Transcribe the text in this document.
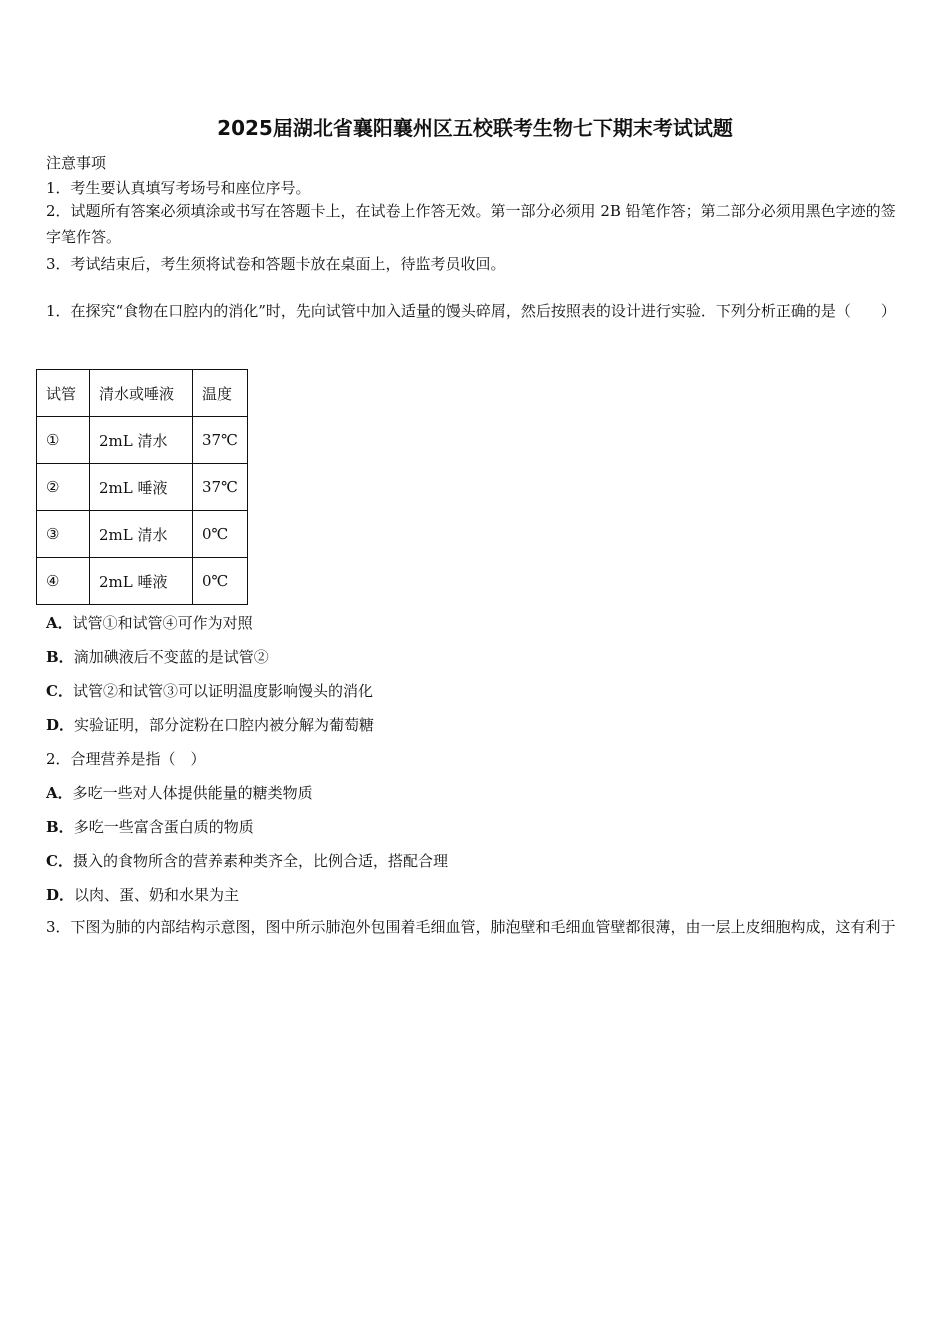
2025届湖北省襄阳襄州区五校联考生物七下期末考试试题
注意事项
1．考生要认真填写考场号和座位序号。
2．试题所有答案必须填涂或书写在答题卡上，在试卷上作答无效。第一部分必须用 2B 铅笔作答；第二部分必须用黑色字迹的签字笔作答。
3．考试结束后，考生须将试卷和答题卡放在桌面上，待监考员收回。
1．在探究“食物在口腔内的消化”时，先向试管中加入适量的馒头碎屑，然后按照表的设计进行实验．下列分析正确的是（　　）
试管	清水或唾液	温度
①	2mL 清水	37℃
②	2mL 唾液	37℃
③	2mL 清水	0℃
④	2mL 唾液	0℃
A．试管①和试管④可作为对照
B．滴加碘液后不变蓝的是试管②
C．试管②和试管③可以证明温度影响馒头的消化
D．实验证明，部分淀粉在口腔内被分解为葡萄糖
2．合理营养是指（　）
A．多吃一些对人体提供能量的糖类物质
B．多吃一些富含蛋白质的物质
C．摄入的食物所含的营养素种类齐全，比例合适，搭配合理
D．以肉、蛋、奶和水果为主
3．下图为肺的内部结构示意图，图中所示肺泡外包围着毛细血管，肺泡壁和毛细血管壁都很薄，由一层上皮细胞构成，这有利于
